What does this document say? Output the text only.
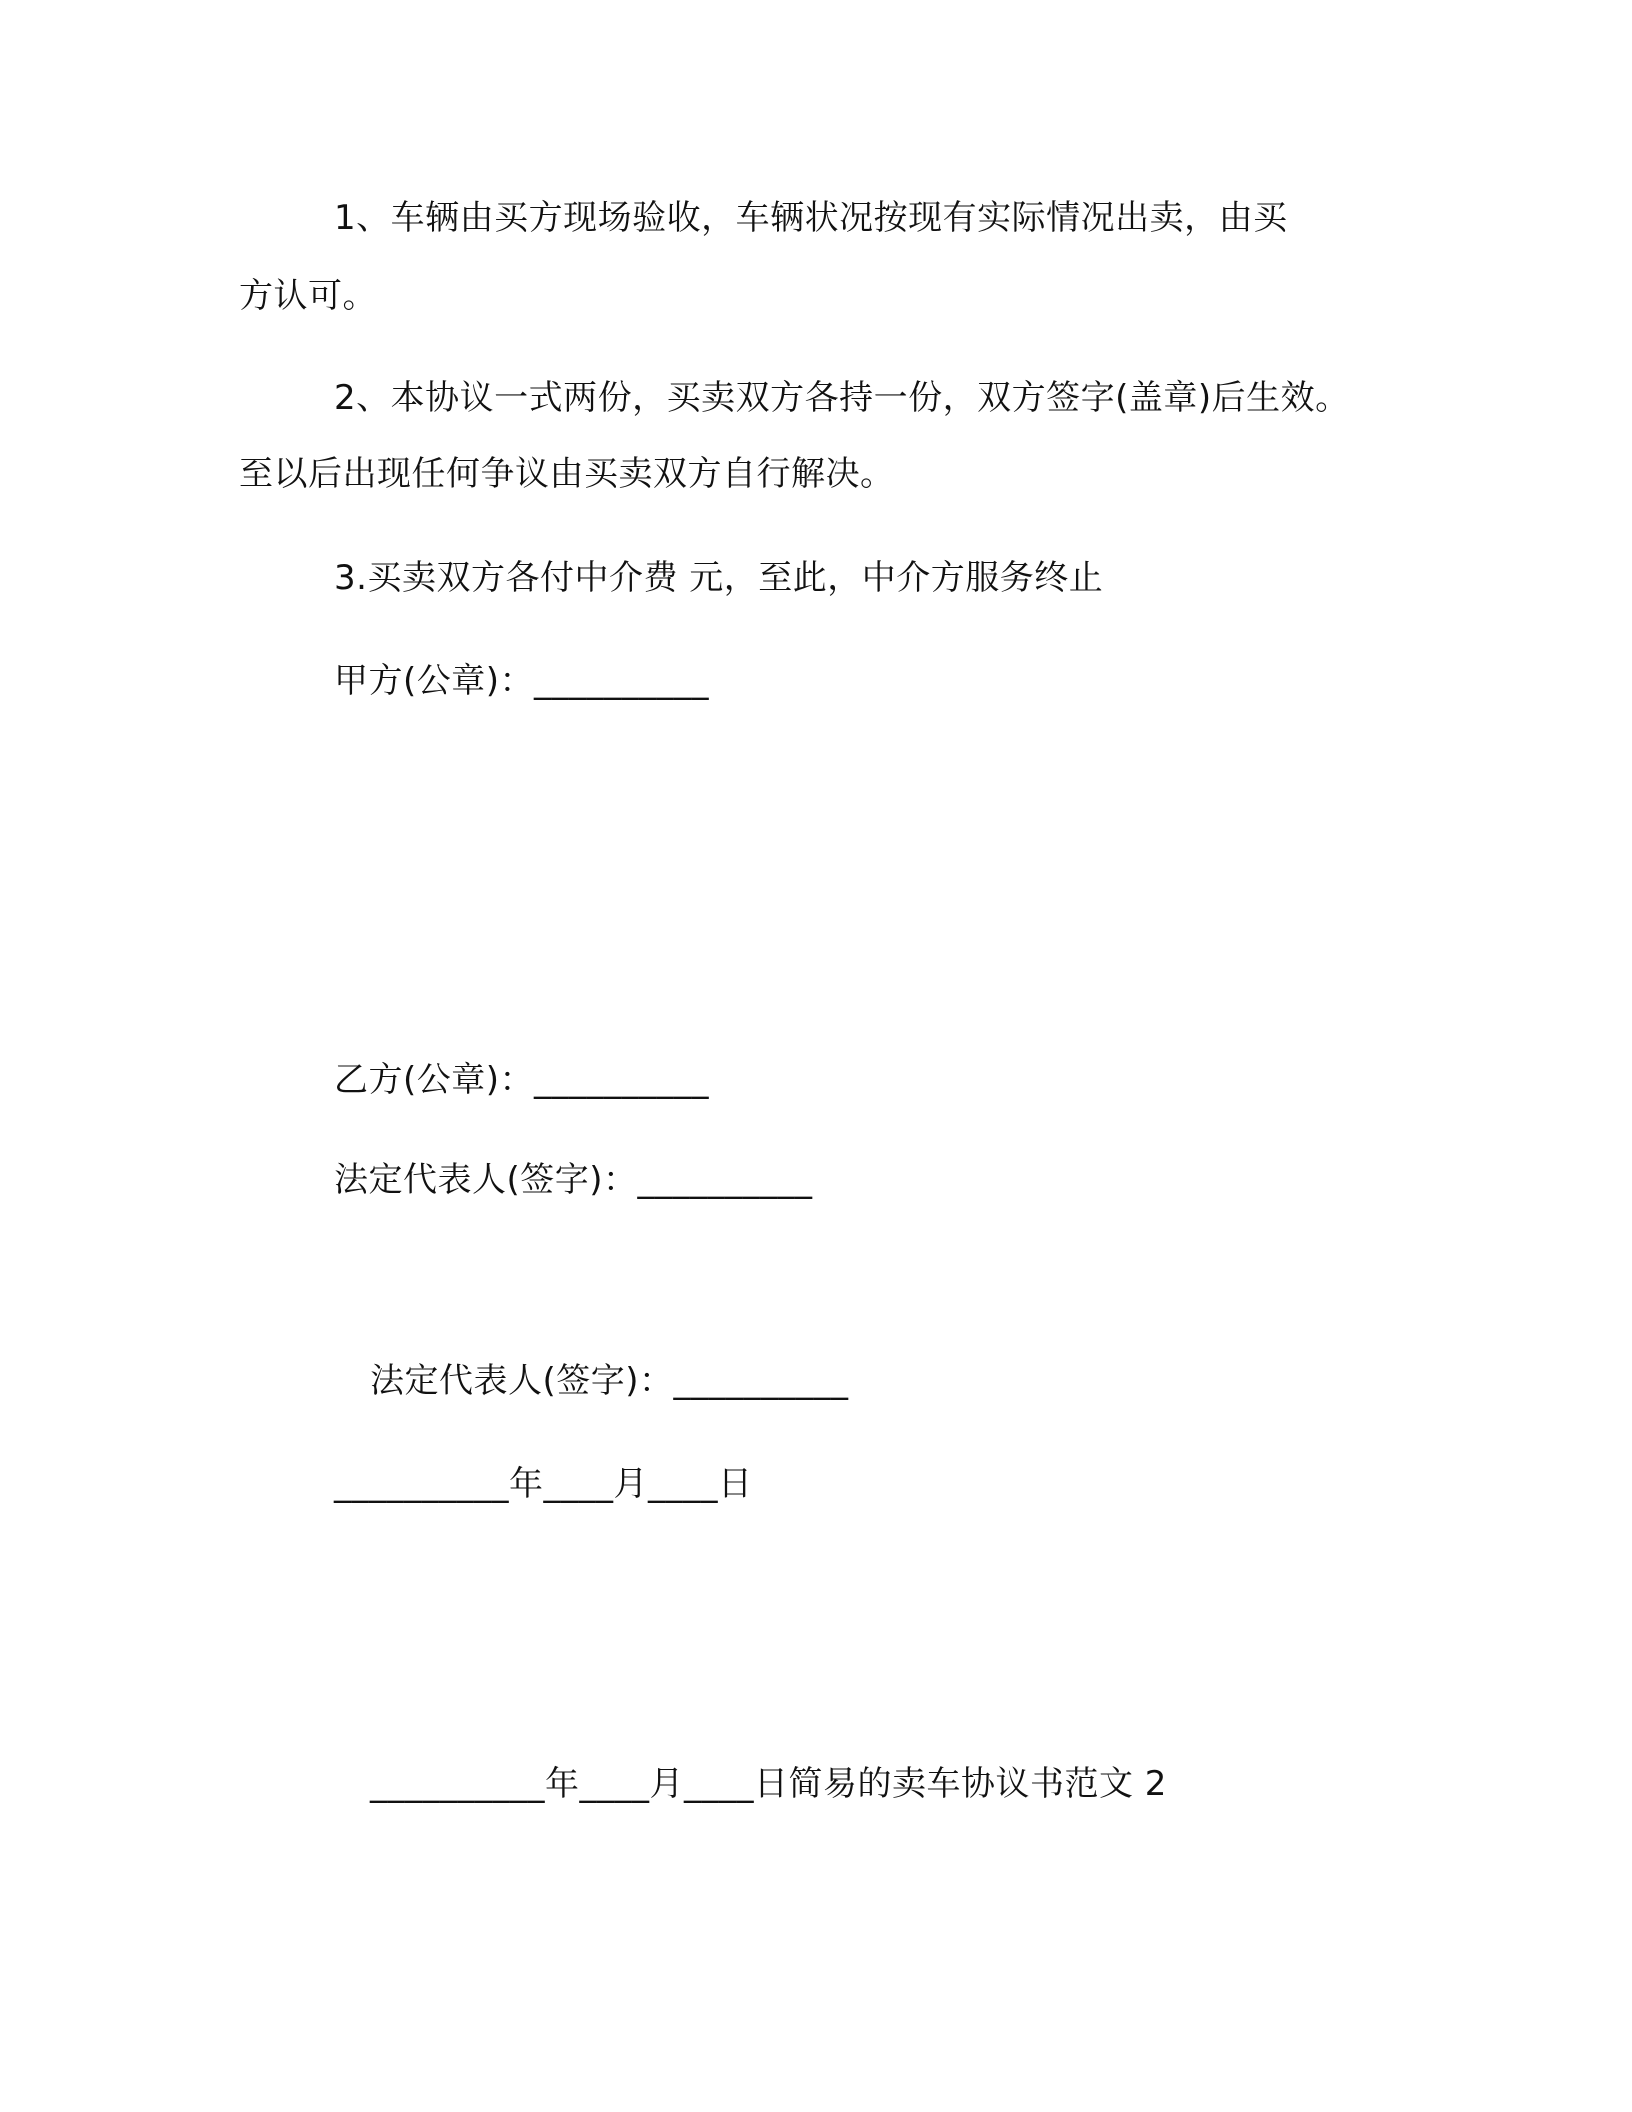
1、车辆由买方现场验收，车辆状况按现有实际情况出卖，由买
方认可。
2、本协议一式两份，买卖双方各持一份，双方签字(盖章)后生效。
至以后出现任何争议由买卖双方自行解决。
3.买卖双方各付中介费 元，至此，中介方服务终止
甲方(公章)：__________
乙方(公章)：__________
法定代表人(签字)：__________
法定代表人(签字)：__________
__________年____月____日
__________年____月____日简易的卖车协议书范文 2
